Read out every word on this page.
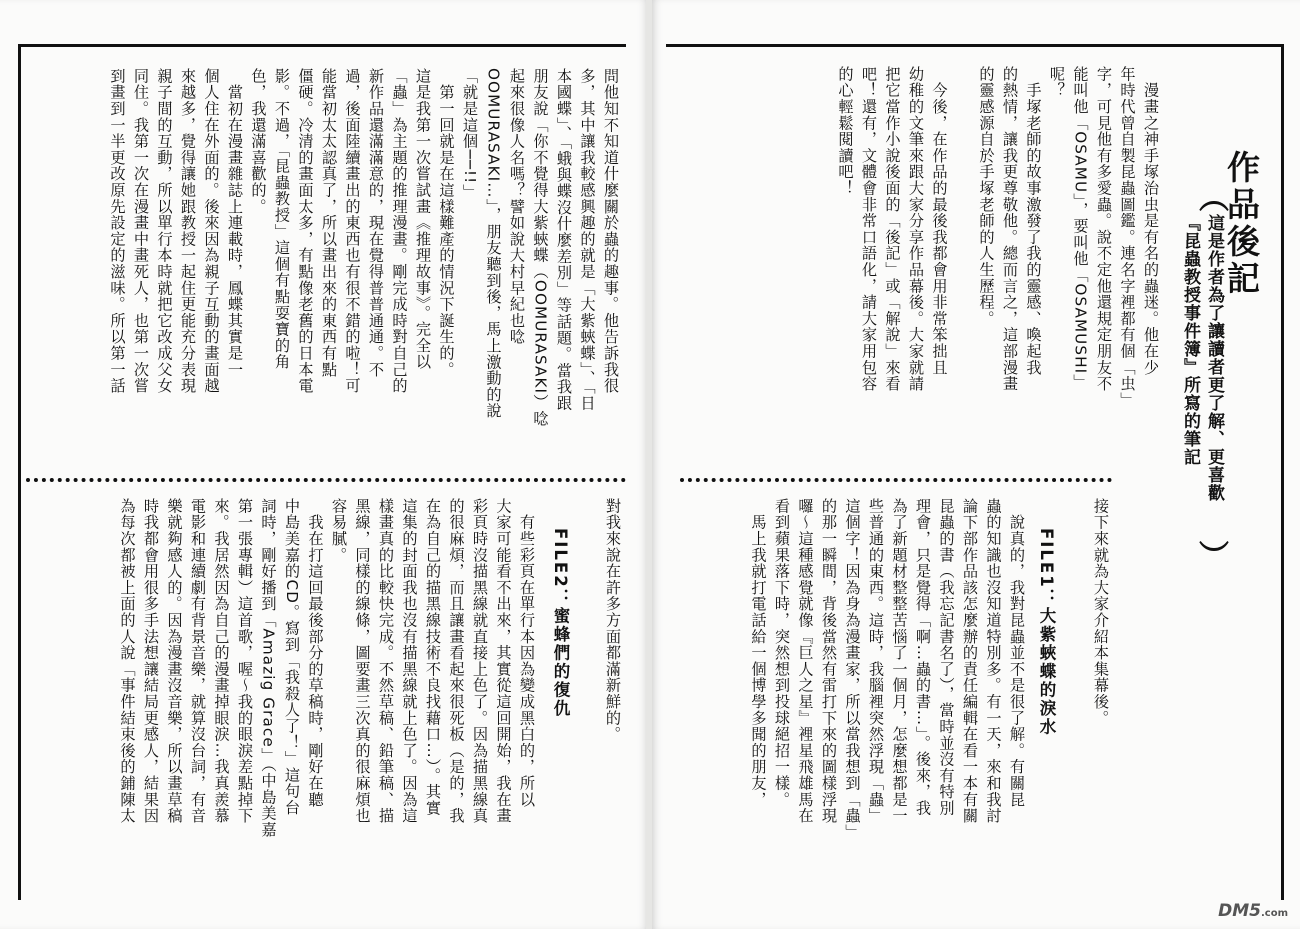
問他知不知道什麼關於蟲的趣事。他告訴我很
多，其中讓我較感興趣的就是「大紫蛺蝶」、「日
本國蝶」、「蛾與蝶沒什麼差別」等話題。當我跟
朋友說「你不覺得大紫蛺蝶（OOMURASAKI）唸
起來很像人名嗎？譬如說大村早紀也唸
OOMURASAKI…」，朋友聽到後，馬上激動的說
「就是這個──!!」
　第一回就是在這樣難產的情況下誕生的。
這是我第一次嘗試畫《推理故事》。完全以
「蟲」為主題的推理漫畫。剛完成時對自己的
新作品還滿滿意的，現在覺得普普通通。不
過，後面陸續畫出的東西也有很不錯的啦！可
能當初太太認真了，所以畫出來的東西有點
僵硬。冷清的畫面太多，有點像老舊的日本電
影。不過，「昆蟲教授」這個有點耍寶的角
色，我還滿喜歡的。
　當初在漫畫雜誌上連載時，鳳蝶其實是一
個人住在外面的。後來因為親子互動的畫面越
來越多，覺得讓她跟教授一起住更能充分表現
親子間的互動，所以單行本時就把它改成父女
同住。我第一次在漫畫中畫死人，也第一次嘗
到畫到一半更改原先設定的滋味。所以第一話
對我來說在許多方面都滿新鮮的。
FILE2：蜜蜂們的復仇
　有些彩頁在單行本因為變成黑白的，所以
大家可能看不出來，其實從這回開始，我在畫
彩頁時沒描黑線就直接上色了。因為描黑線真
的很麻煩，而且讓畫看起來很死板（是的，我
在為自己的描黑線技術不良找藉口…）。其實
這集的封面我也沒有描黑線就上色了。因為這
樣畫真的比較快完成。不然草稿、鉛筆稿、描
黑線，同樣的線條，圖要畫三次真的很麻煩也
容易膩。
　我在打這回最後部分的草稿時，剛好在聽
中島美嘉的CD。寫到「我殺人了！」這句台
詞時，剛好播到「Amazig Grace」（中島美嘉
第一張專輯）這首歌，喔～我的眼淚差點掉下
來。我居然因為自己的漫畫掉眼淚…我真羨慕
電影和連續劇有背景音樂，就算沒台詞，有音
樂就夠感人的。因為漫畫沒音樂，所以畫草稿
時我都會用很多手法想讓結局更感人，結果因
為每次都被上面的人說「事件結束後的鋪陳太
作品後記
︵
這是作者為了讓讀者更了解、更喜歡
『昆蟲教授事件簿』所寫的筆記
︶
　漫畫之神手塚治虫是有名的蟲迷。他在少
年時代曾自製昆蟲圖鑑。連名字裡都有個「虫」
字，可見他有多愛蟲。說不定他還規定朋友不
能叫他「OSAMU」，要叫他「OSAMUSHI」
呢？
　手塚老師的故事激發了我的靈感、喚起我
的熱情，讓我更尊敬他。總而言之，這部漫畫
的靈感源自於手塚老師的人生歷程。

　今後，在作品的最後我都會用非常笨拙且
幼稚的文筆來跟大家分享作品幕後。大家就請
把它當作小說後面的「後記」或「解說」來看
吧！還有，文體會非常口語化，請大家用包容
的心輕鬆閱讀吧！
接下來就為大家介紹本集幕後。
FILE1：大紫蛺蝶的淚水
　說真的，我對昆蟲並不是很了解。有關昆
蟲的知識也沒知道特別多。有一天，來和我討
論下部作品該怎麼辦的責任編輯在看一本有關
昆蟲的書（我忘記書名了），當時並沒有特別
理會，只是覺得「啊…蟲的書…」。後來，我
為了新題材整整苦惱了一個月，怎麼想都是一
些普通的東西。這時，我腦裡突然浮現「蟲」
這個字！因為身為漫畫家，所以當我想到「蟲」
的那一瞬間，背後當然有雷打下來的圖樣浮現
囉～這種感覺就像『巨人之星』裡星飛雄馬在
看到蘋果落下時，突然想到投球絕招一樣。
　馬上我就打電話給一個博學多聞的朋友，
DM5.com
